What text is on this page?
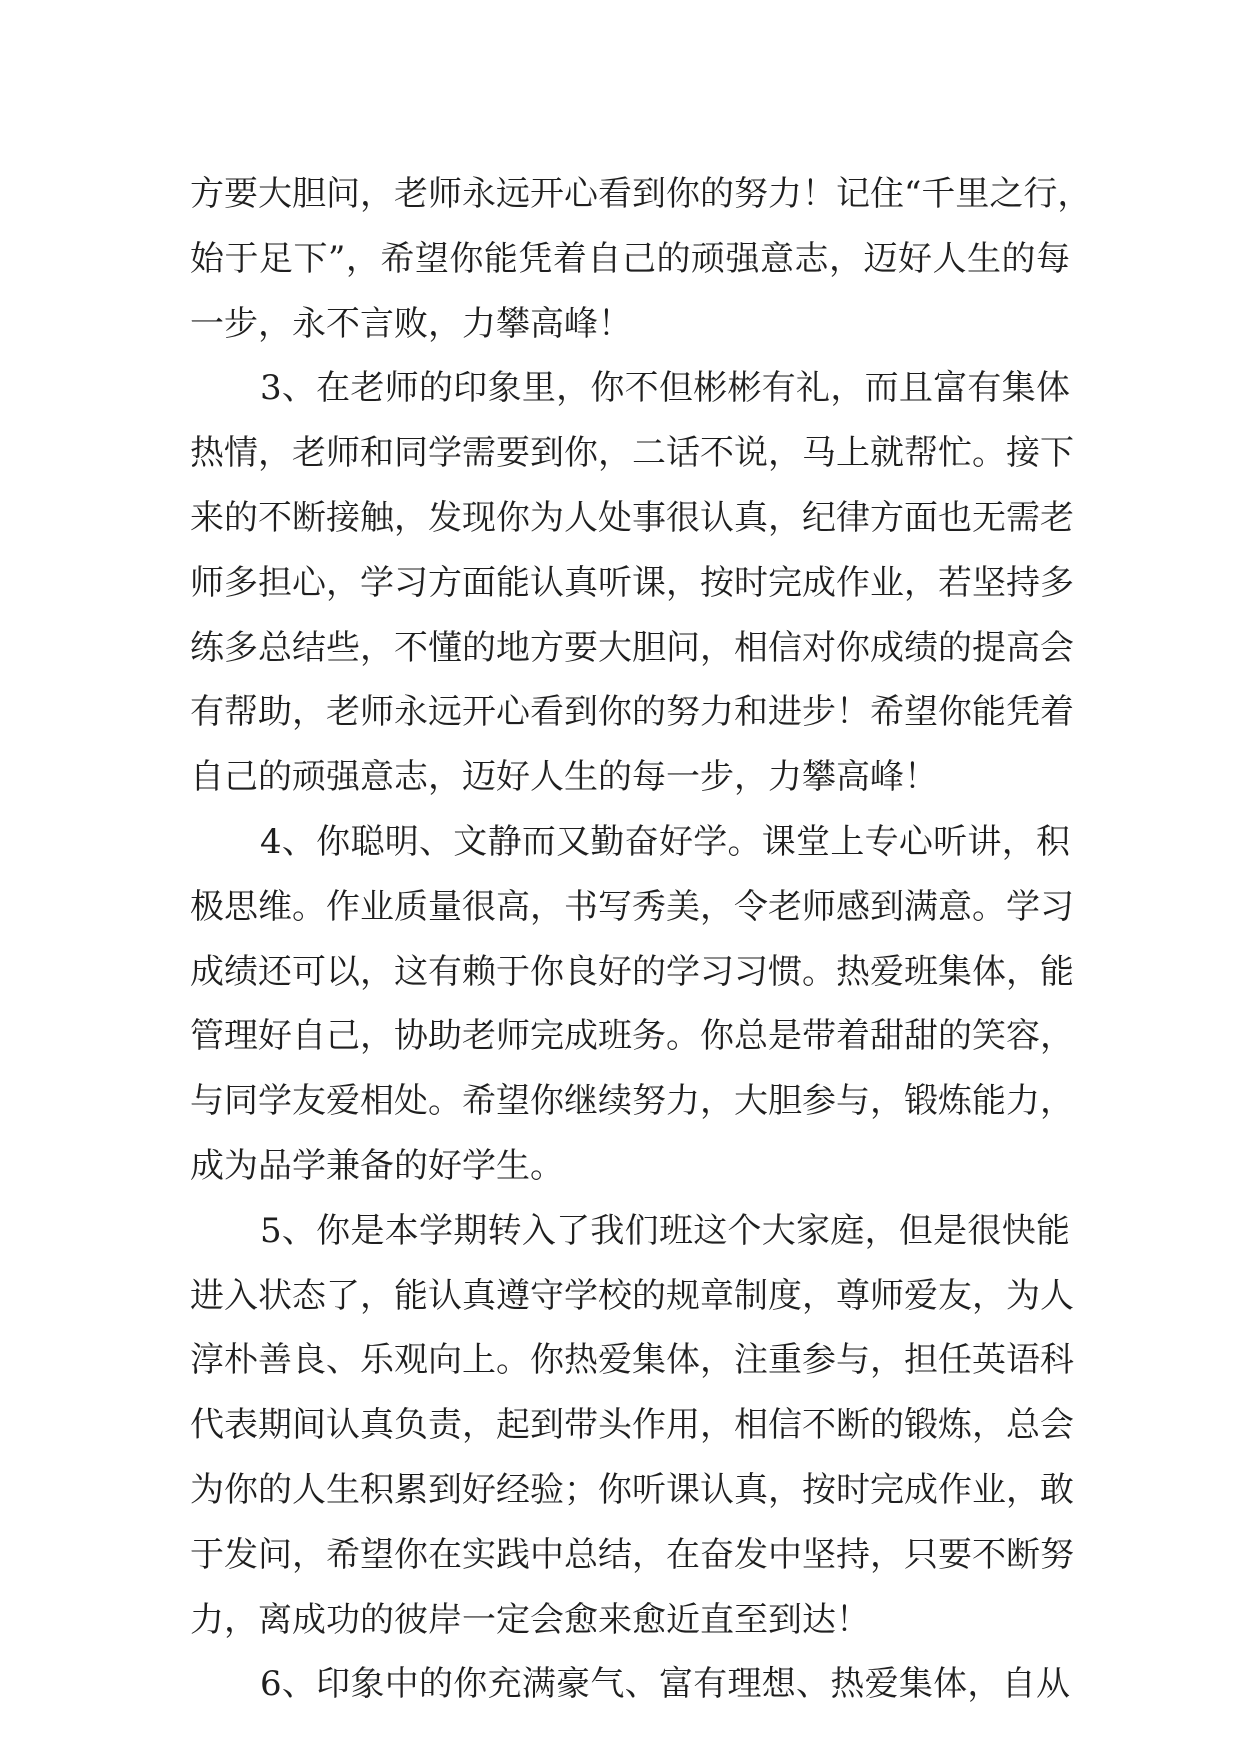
方要大胆问，老师永远开心看到你的努力！记住“千里之行，
始于足下”，希望你能凭着自己的顽强意志，迈好人生的每
一步，永不言败，力攀高峰！
3、在老师的印象里，你不但彬彬有礼，而且富有集体
热情，老师和同学需要到你，二话不说，马上就帮忙。接下
来的不断接触，发现你为人处事很认真，纪律方面也无需老
师多担心，学习方面能认真听课，按时完成作业，若坚持多
练多总结些，不懂的地方要大胆问，相信对你成绩的提高会
有帮助，老师永远开心看到你的努力和进步！希望你能凭着
自己的顽强意志，迈好人生的每一步，力攀高峰！
4、你聪明、文静而又勤奋好学。课堂上专心听讲，积
极思维。作业质量很高，书写秀美，令老师感到满意。学习
成绩还可以，这有赖于你良好的学习习惯。热爱班集体，能
管理好自己，协助老师完成班务。你总是带着甜甜的笑容，
与同学友爱相处。希望你继续努力，大胆参与，锻炼能力，
成为品学兼备的好学生。
5、你是本学期转入了我们班这个大家庭，但是很快能
进入状态了，能认真遵守学校的规章制度，尊师爱友，为人
淳朴善良、乐观向上。你热爱集体，注重参与，担任英语科
代表期间认真负责，起到带头作用，相信不断的锻炼，总会
为你的人生积累到好经验；你听课认真，按时完成作业，敢
于发问，希望你在实践中总结，在奋发中坚持，只要不断努
力，离成功的彼岸一定会愈来愈近直至到达！
6、印象中的你充满豪气、富有理想、热爱集体，自从
